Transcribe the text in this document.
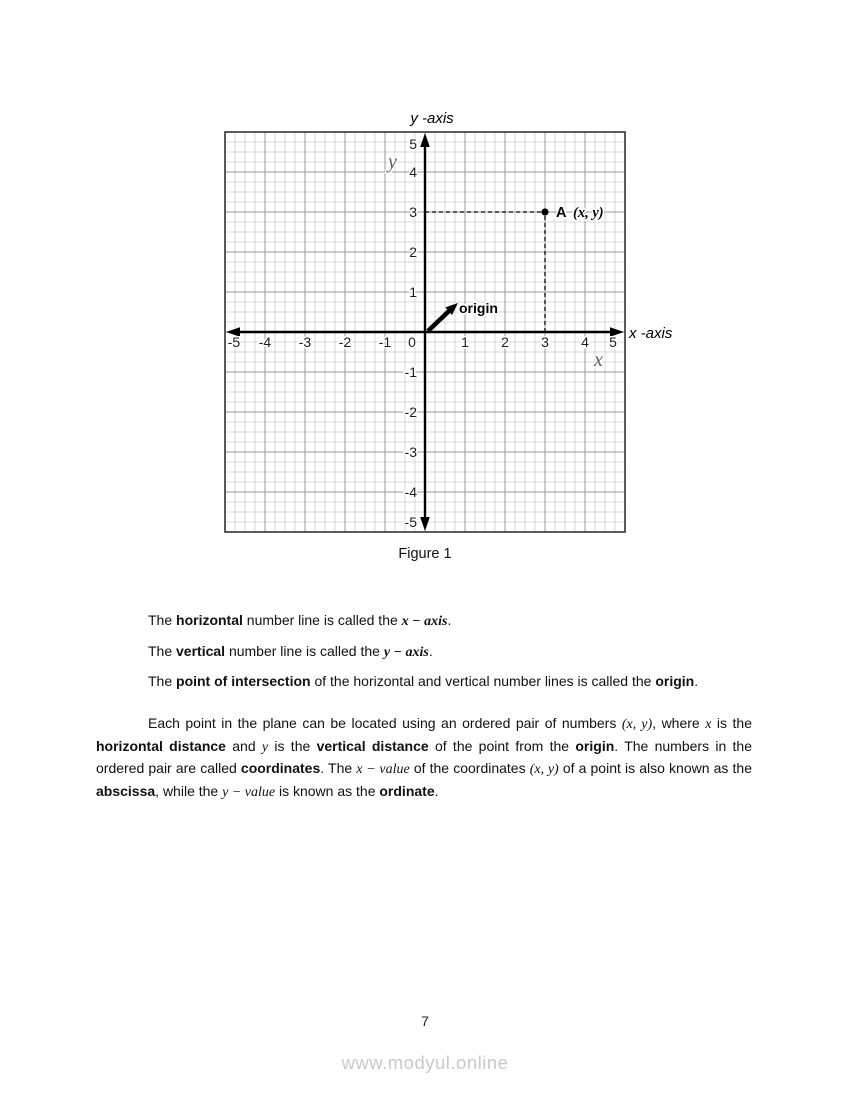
-5 -4 -3 -2 -1	1 2 3 4 5
0
5
4
3
2
1
-1
-2
-3
-4
-5
A (x, y)
origin
y
x
y -axis
x -axis
Figure 1

The horizontal number line is called the x − axis.

The vertical number line is called the y − axis.

The point of intersection of the horizontal and vertical number lines is called the origin.

Each point in the plane can be located using an ordered pair of numbers (x, y), where x is the horizontal distance and y is the vertical distance of the point from the origin. The numbers in the ordered pair are called coordinates. The x − value of the coordinates (x, y) of a point is also known as the abscissa, while the y − value is known as the ordinate.
7
www.modyul.online
